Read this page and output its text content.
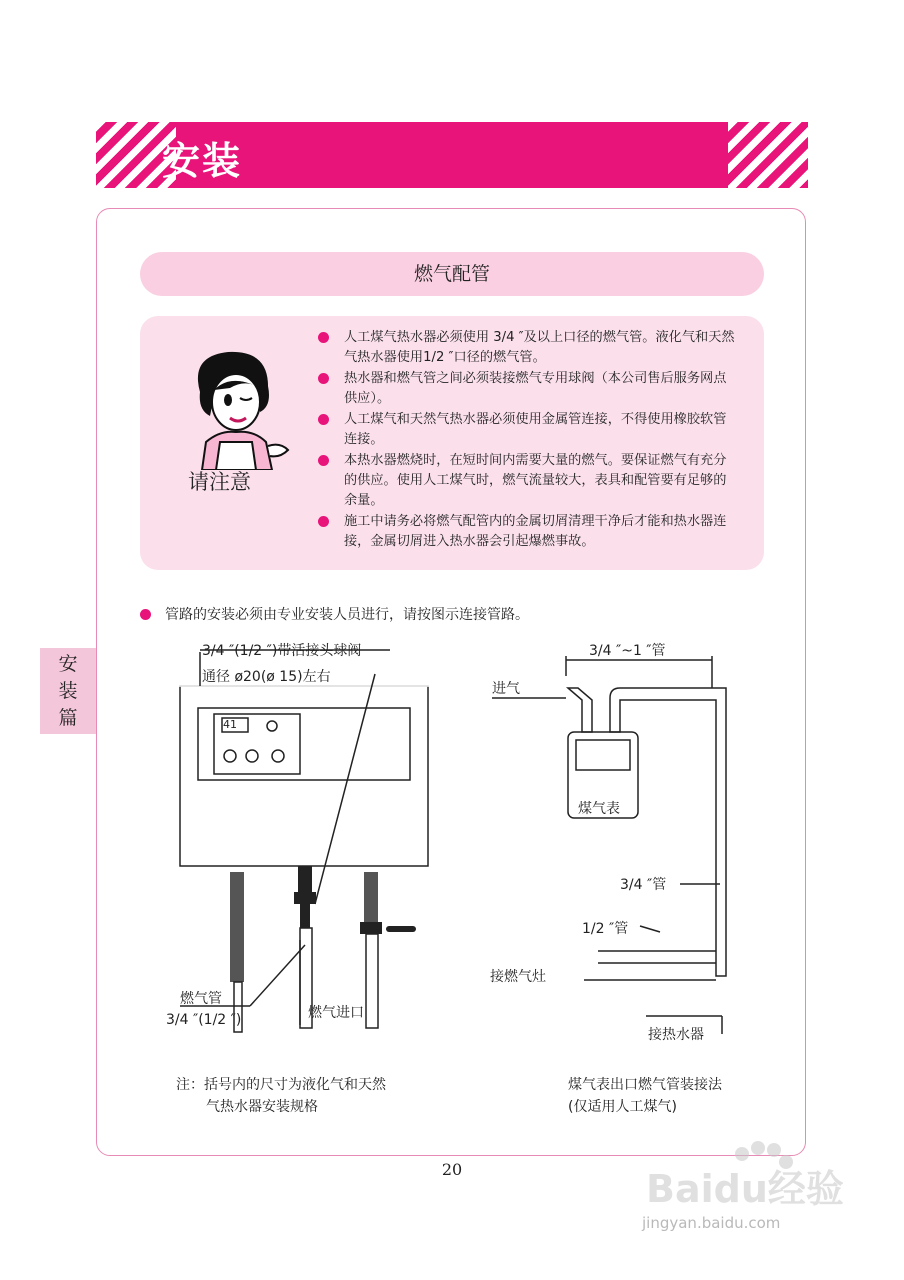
安装
燃气配管
请注意
人工煤气热水器必须使用 3/4 ″及以上口径的燃气管。液化气和天然气热水器使用1/2 ″口径的燃气管。
热水器和燃气管之间必须装接燃气专用球阀（本公司售后服务网点供应）。
人工煤气和天然气热水器必须使用金属管连接，不得使用橡胶软管连接。
本热水器燃烧时，在短时间内需要大量的燃气。要保证燃气有充分的供应。使用人工煤气时，燃气流量较大，表具和配管要有足够的余量。
施工中请务必将燃气配管内的金属切屑清理干净后才能和热水器连接，金属切屑进入热水器会引起爆燃事故。
管路的安装必须由专业安装人员进行，请按图示连接管路。
安
装
篇
3/4 ″(1/2 ″)带活接头球阀
通径 ø20(ø 15)左右
41
燃气管
3/4 ″(1/2 ″)	燃气进口
注：括号内的尺寸为液化气和天然
气热水器安装规格
3/4 ″~1 ″管
进气
煤气表
3/4 ″管
1/2 ″管
接燃气灶
接热水器
煤气表出口燃气管装接法
(仅适用人工煤气)
20	Baidu经验
jingyan.baidu.com
